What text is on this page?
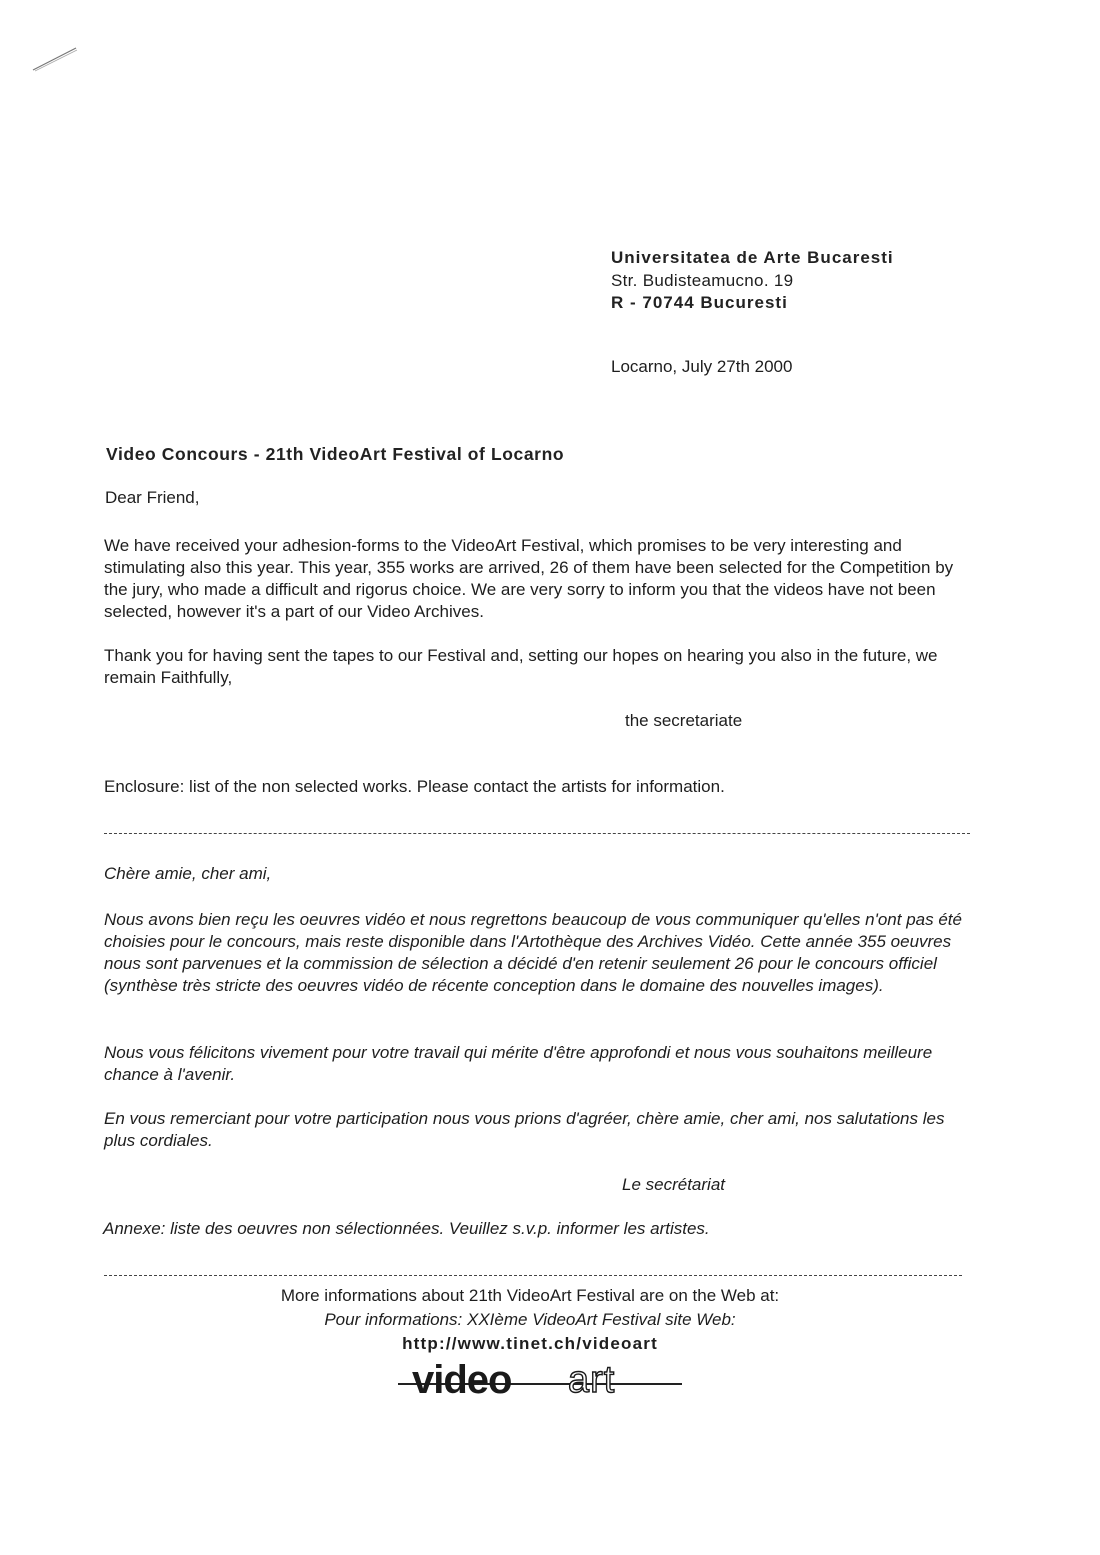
Universitatea de Arte Bucaresti
Str. Budisteamucno. 19
R - 70744 Bucuresti
Locarno, July 27th 2000
Video Concours - 21th VideoArt Festival of Locarno
Dear Friend,
We have received your adhesion-forms to the VideoArt Festival, which promises to be very interesting and stimulating also this year. This year, 355 works are arrived, 26 of them have been selected for the Competition by the jury, who made a difficult and rigorus choice. We are very sorry to inform you that the videos have not been selected, however it's a part of our Video Archives.
Thank you for having sent the tapes to our Festival and, setting our hopes on hearing you also in the future, we remain Faithfully,
the secretariate
Enclosure: list of the non selected works. Please contact the artists for information.
Chère amie, cher ami,
Nous avons bien reçu les oeuvres vidéo et nous regrettons beaucoup de vous communiquer qu'elles n'ont pas été choisies pour le concours, mais reste disponible dans l'Artothèque des Archives Vidéo. Cette année 355 oeuvres nous sont parvenues et la commission de sélection a décidé d'en retenir seulement 26 pour le concours officiel (synthèse très stricte des oeuvres vidéo de récente conception dans le domaine des nouvelles images).
Nous vous félicitons vivement pour votre travail qui mérite d'être approfondi et nous vous souhaitons meilleure chance à l'avenir.
En vous remerciant pour votre participation nous vous prions d'agréer, chère amie, cher ami, nos salutations les plus cordiales.
Le secrétariat
Annexe: liste des oeuvres non sélectionnées. Veuillez s.v.p. informer les artistes.
More informations about 21th VideoArt Festival are on the Web at:
Pour informations: XXIème VideoArt Festival site Web:
http://www.tinet.ch/videoart
video art
